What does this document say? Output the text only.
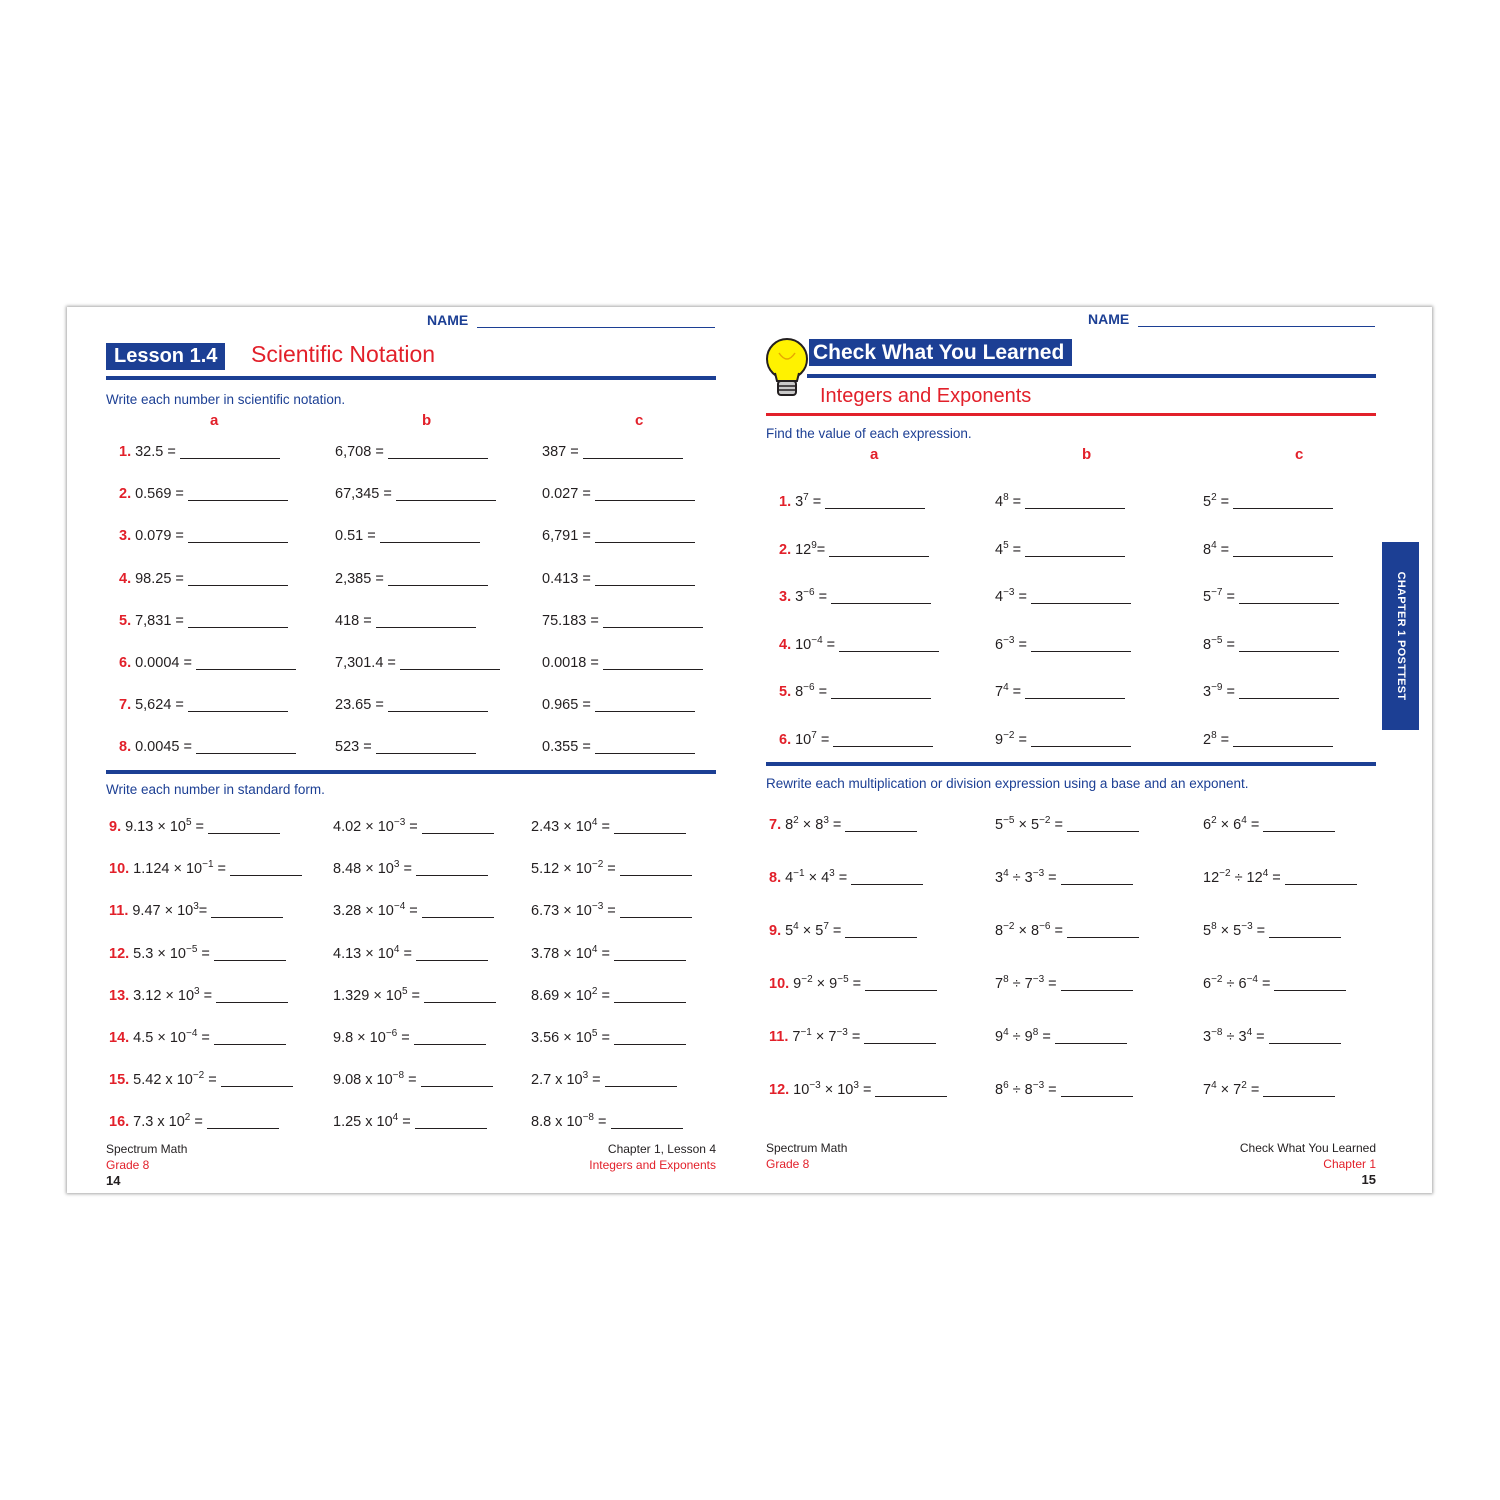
NAME
Lesson 1.4	Scientific Notation
Write each number in scientific notation.
a	b	c
1. 32.5 =	6,708 =	387 =
2. 0.569 =	67,345 =	0.027 =
3. 0.079 =	0.51 =	6,791 =
4. 98.25 =	2,385 =	0.413 =
5. 7,831 =	418 =	75.183 =
6. 0.0004 =	7,301.4 =	0.0018 =
7. 5,624 =	23.65 =	0.965 =
8. 0.0045 =	523 =	0.355 =
Write each number in standard form.
9. $9.13 \times 10^5$ =	$4.02 \times 10^{-3}$ =	$2.43 \times 10^4$ =
10. $1.124 \times 10^{-1}$ =	$8.48 \times 10^3$ =	$5.12 \times 10^{-2}$ =
11. $9.47 \times 10^3=$	$3.28 \times 10^{-4}$ =	$6.73 \times 10^{-3}$ =
12. $5.3 \times 10^{-5}$ =	$4.13 \times 10^4$ =	$3.78 \times 10^4$ =
13. $3.12 \times 10^3$ =	$1.329 \times 10^5$ =	$8.69 \times 10^2$ =
14. $4.5 \times 10^{-4}$ =	$9.8 \times 10^{-6}$ =	$3.56 \times 10^5$ =
15. 5.42 x $10^{-2}$ =	9.08 x $10^{-8}$ =	2.7 x $10^3$ =
16. 7.3 x $10^2$ =	1.25 x $10^4$ =	8.8 x $10^{-8}$ =
Spectrum Math
Grade 8
14
Chapter 1, Lesson 4
Integers and Exponents
NAME
Check What You Learned
Integers and Exponents
Find the value of each expression.
a	b	c
1. $3^7$ =	$4^8$ =	$5^2$ =
2. $12^9=$	$4^5$ =	$8^4$ =
3. $3^{-6}$ =	$4^{-3}$ =	$5^{-7}$ =
4. $10^{-4}$ =	$6^{-3}$ =	$8^{-5}$ =
5. $8^{-6}$ =	$7^4$ =	$3^{-9}$ =
6. $10^7$ =	$9^{-2}$ =	$2^8$ =
Rewrite each multiplication or division expression using a base and an exponent.
7. $8^2 \times 8^3$ =	$5^{-5} \times 5^{-2}$ =	$6^2 \times 6^4$ =
8. $4^{-1} \times 4^3$ =	$3^4 \div 3^{-3}$ =	$12^{-2} \div 12^4$ =
9. $5^4 \times 5^7$ =	$8^{-2} \times 8^{-6}$ =	$5^8 \times 5^{-3}$ =
10. $9^{-2} \times 9^{-5}$ =	$7^8 \div 7^{-3}$ =	$6^{-2} \div 6^{-4}$ =
11. $7^{-1} \times 7^{-3}$ =	$9^4 \div 9^8$ =	$3^{-8} \div 3^4$ =
12. $10^{-3} \times 10^3$ =	$8^6 \div 8^{-3}$ =	$7^4 \times 7^2$ =
CHAPTER 1 POSTTEST
Spectrum Math
Grade 8
Check What You Learned
Chapter 1
15
